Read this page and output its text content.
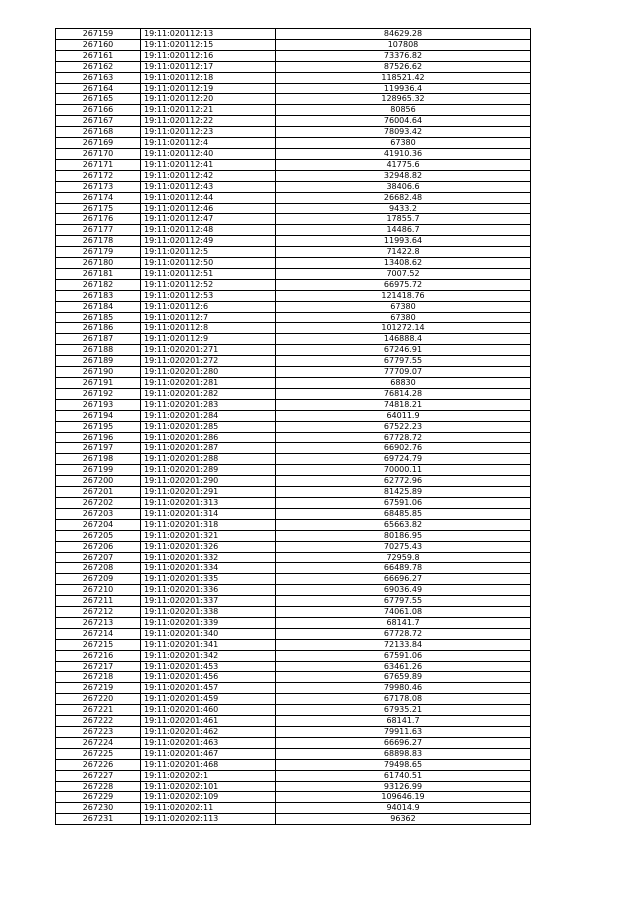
267159	19:11:020112:13	84629.28
267160	19:11:020112:15	107808
267161	19:11:020112:16	73376.82
267162	19:11:020112:17	87526.62
267163	19:11:020112:18	118521.42
267164	19:11:020112:19	119936.4
267165	19:11:020112:20	128965.32
267166	19:11:020112:21	80856
267167	19:11:020112:22	76004.64
267168	19:11:020112:23	78093.42
267169	19:11:020112:4	67380
267170	19:11:020112:40	41910.36
267171	19:11:020112:41	41775.6
267172	19:11:020112:42	32948.82
267173	19:11:020112:43	38406.6
267174	19:11:020112:44	26682.48
267175	19:11:020112:46	9433.2
267176	19:11:020112:47	17855.7
267177	19:11:020112:48	14486.7
267178	19:11:020112:49	11993.64
267179	19:11:020112:5	71422.8
267180	19:11:020112:50	13408.62
267181	19:11:020112:51	7007.52
267182	19:11:020112:52	66975.72
267183	19:11:020112:53	121418.76
267184	19:11:020112:6	67380
267185	19:11:020112:7	67380
267186	19:11:020112:8	101272.14
267187	19:11:020112:9	146888.4
267188	19:11:020201:271	67246.91
267189	19:11:020201:272	67797.55
267190	19:11:020201:280	77709.07
267191	19:11:020201:281	68830
267192	19:11:020201:282	76814.28
267193	19:11:020201:283	74818.21
267194	19:11:020201:284	64011.9
267195	19:11:020201:285	67522.23
267196	19:11:020201:286	67728.72
267197	19:11:020201:287	66902.76
267198	19:11:020201:288	69724.79
267199	19:11:020201:289	70000.11
267200	19:11:020201:290	62772.96
267201	19:11:020201:291	81425.89
267202	19:11:020201:313	67591.06
267203	19:11:020201:314	68485.85
267204	19:11:020201:318	65663.82
267205	19:11:020201:321	80186.95
267206	19:11:020201:326	70275.43
267207	19:11:020201:332	72959.8
267208	19:11:020201:334	66489.78
267209	19:11:020201:335	66696.27
267210	19:11:020201:336	69036.49
267211	19:11:020201:337	67797.55
267212	19:11:020201:338	74061.08
267213	19:11:020201:339	68141.7
267214	19:11:020201:340	67728.72
267215	19:11:020201:341	72133.84
267216	19:11:020201:342	67591.06
267217	19:11:020201:453	63461.26
267218	19:11:020201:456	67659.89
267219	19:11:020201:457	79980.46
267220	19:11:020201:459	67178.08
267221	19:11:020201:460	67935.21
267222	19:11:020201:461	68141.7
267223	19:11:020201:462	79911.63
267224	19:11:020201:463	66696.27
267225	19:11:020201:467	68898.83
267226	19:11:020201:468	79498.65
267227	19:11:020202:1	61740.51
267228	19:11:020202:101	93126.99
267229	19:11:020202:109	109646.19
267230	19:11:020202:11	94014.9
267231	19:11:020202:113	96362
